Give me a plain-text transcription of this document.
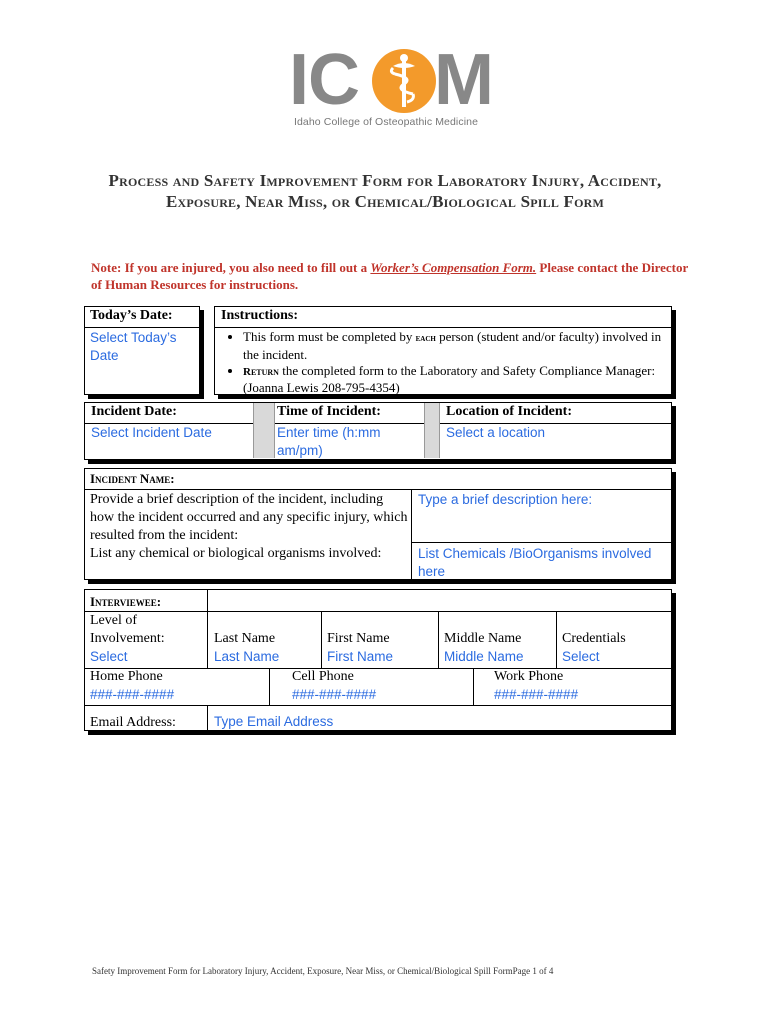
IC M
Idaho College of Osteopathic Medicine
Process and Safety Improvement Form for Laboratory Injury, Accident, Exposure, Near Miss, or Chemical/Biological Spill Form
Note: If you are injured, you also need to fill out a Worker’s Compensation Form. Please contact the Director of Human Resources for instructions.
Today’s Date:
Select Today’s Date
Instructions:
• This form must be completed by each person (student and/or faculty) involved in the incident.
• Return the completed form to the Laboratory and Safety Compliance Manager: (Joanna Lewis 208-795-4354)
Incident Date:
Select Incident Date
Time of Incident:
Enter time (h:mm am/pm)
Location of Incident:
Select a location
Incident Name:
Provide a brief description of the incident, including how the incident occurred and any specific injury, which resulted from the incident:
Type a brief description here:
List any chemical or biological organisms involved:	List Chemicals /BioOrganisms involved here
Interviewee:
Level of Involvement:
Select
Last Name
Last Name
First Name
First Name
Middle Name
Middle Name
Credentials
Select
Home Phone
###-###-####
Cell Phone
###-###-####
Work Phone
###-###-####
Email Address:	Type Email Address
Safety Improvement Form for Laboratory Injury, Accident, Exposure, Near Miss, or Chemical/Biological Spill FormPage 1 of 4
